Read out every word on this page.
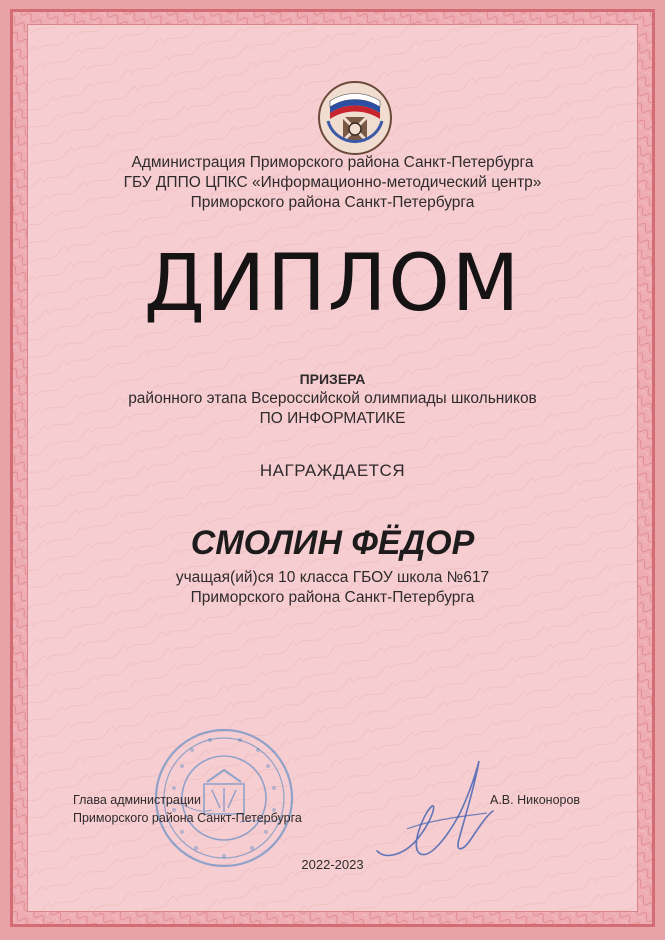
Администрация Приморского района Санкт-Петербурга
ГБУ ДППО ЦПКС «Информационно-методический центр»
Приморского района Санкт-Петербурга
ДИПЛОМ
ПРИЗЕРА
районного этапа Всероссийской олимпиады школьников
ПО ИНФОРМАТИКЕ
НАГРАЖДАЕТСЯ
СМОЛИН ФЁДОР
учащая(ий)ся 10 класса ГБОУ школа №617
Приморского района Санкт-Петербурга
Глава администрации
Приморского района Санкт-Петербурга
А.В. Никоноров
2022-2023
